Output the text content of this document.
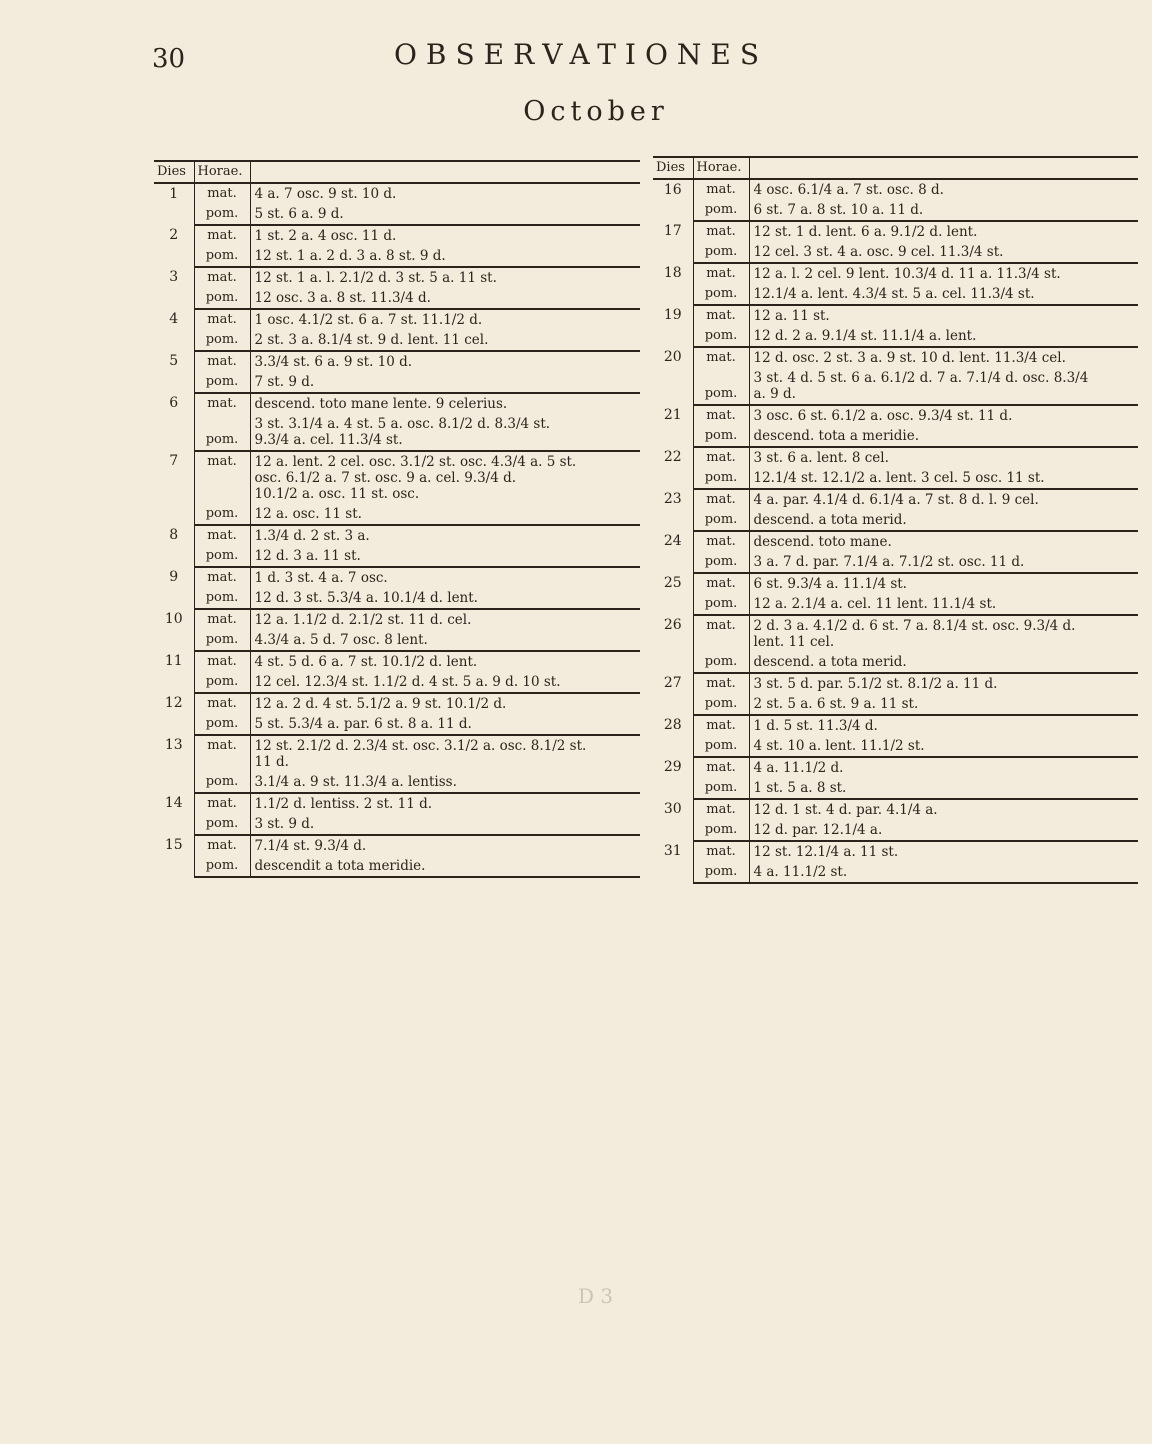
30	OBSERVATIONES
October
Dies	Horae.	
1	mat.	4 a. 7 osc. 9 st. 10 d.
	pom.	5 st. 6 a. 9 d.
2	mat.	1 st. 2 a. 4 osc. 11 d.
	pom.	12 st. 1 a. 2 d. 3 a. 8 st. 9 d.
3	mat.	12 st. 1 a. l. 2.1/2 d. 3 st. 5 a. 11 st.
	pom.	12 osc. 3 a. 8 st. 11.3/4 d.
4	mat.	1 osc. 4.1/2 st. 6 a. 7 st. 11.1/2 d.
	pom.	2 st. 3 a. 8.1/4 st. 9 d. lent. 11 cel.
5	mat.	3.3/4 st. 6 a. 9 st. 10 d.
	pom.	7 st. 9 d.
6	mat.	descend. toto mane lente. 9 celerius.
	pom.	3 st. 3.1/4 a. 4 st. 5 a. osc. 8.1/2 d. 8.3/4 st.
9.3/4 a. cel. 11.3/4 st.
7	mat.	12 a. lent. 2 cel. osc. 3.1/2 st. osc. 4.3/4 a. 5 st.
osc. 6.1/2 a. 7 st. osc. 9 a. cel. 9.3/4 d.
10.1/2 a. osc. 11 st. osc.
	pom.	12 a. osc. 11 st.
8	mat.	1.3/4 d. 2 st. 3 a.
	pom.	12 d. 3 a. 11 st.
9	mat.	1 d. 3 st. 4 a. 7 osc.
	pom.	12 d. 3 st. 5.3/4 a. 10.1/4 d. lent.
10	mat.	12 a. 1.1/2 d. 2.1/2 st. 11 d. cel.
	pom.	4.3/4 a. 5 d. 7 osc. 8 lent.
11	mat.	4 st. 5 d. 6 a. 7 st. 10.1/2 d. lent.
	pom.	12 cel. 12.3/4 st. 1.1/2 d. 4 st. 5 a. 9 d. 10 st.
12	mat.	12 a. 2 d. 4 st. 5.1/2 a. 9 st. 10.1/2 d.
	pom.	5 st. 5.3/4 a. par. 6 st. 8 a. 11 d.
13	mat.	12 st. 2.1/2 d. 2.3/4 st. osc. 3.1/2 a. osc. 8.1/2 st.
11 d.
	pom.	3.1/4 a. 9 st. 11.3/4 a. lentiss.
14	mat.	1.1/2 d. lentiss. 2 st. 11 d.
	pom.	3 st. 9 d.
15	mat.	7.1/4 st. 9.3/4 d.
	pom.	descendit a tota meridie.
Dies	Horae.	
16	mat.	4 osc. 6.1/4 a. 7 st. osc. 8 d.
	pom.	6 st. 7 a. 8 st. 10 a. 11 d.
17	mat.	12 st. 1 d. lent. 6 a. 9.1/2 d. lent.
	pom.	12 cel. 3 st. 4 a. osc. 9 cel. 11.3/4 st.
18	mat.	12 a. l. 2 cel. 9 lent. 10.3/4 d. 11 a. 11.3/4 st.
	pom.	12.1/4 a. lent. 4.3/4 st. 5 a. cel. 11.3/4 st.
19	mat.	12 a. 11 st.
	pom.	12 d. 2 a. 9.1/4 st. 11.1/4 a. lent.
20	mat.	12 d. osc. 2 st. 3 a. 9 st. 10 d. lent. 11.3/4 cel.
	pom.	3 st. 4 d. 5 st. 6 a. 6.1/2 d. 7 a. 7.1/4 d. osc. 8.3/4
a. 9 d.
21	mat.	3 osc. 6 st. 6.1/2 a. osc. 9.3/4 st. 11 d.
	pom.	descend. tota a meridie.
22	mat.	3 st. 6 a. lent. 8 cel.
	pom.	12.1/4 st. 12.1/2 a. lent. 3 cel. 5 osc. 11 st.
23	mat.	4 a. par. 4.1/4 d. 6.1/4 a. 7 st. 8 d. l. 9 cel.
	pom.	descend. a tota merid.
24	mat.	descend. toto mane.
	pom.	3 a. 7 d. par. 7.1/4 a. 7.1/2 st. osc. 11 d.
25	mat.	6 st. 9.3/4 a. 11.1/4 st.
	pom.	12 a. 2.1/4 a. cel. 11 lent. 11.1/4 st.
26	mat.	2 d. 3 a. 4.1/2 d. 6 st. 7 a. 8.1/4 st. osc. 9.3/4 d.
lent. 11 cel.
	pom.	descend. a tota merid.
27	mat.	3 st. 5 d. par. 5.1/2 st. 8.1/2 a. 11 d.
	pom.	2 st. 5 a. 6 st. 9 a. 11 st.
28	mat.	1 d. 5 st. 11.3/4 d.
	pom.	4 st. 10 a. lent. 11.1/2 st.
29	mat.	4 a. 11.1/2 d.
	pom.	1 st. 5 a. 8 st.
30	mat.	12 d. 1 st. 4 d. par. 4.1/4 a.
	pom.	12 d. par. 12.1/4 a.
31	mat.	12 st. 12.1/4 a. 11 st.
	pom.	4 a. 11.1/2 st.
D 3
